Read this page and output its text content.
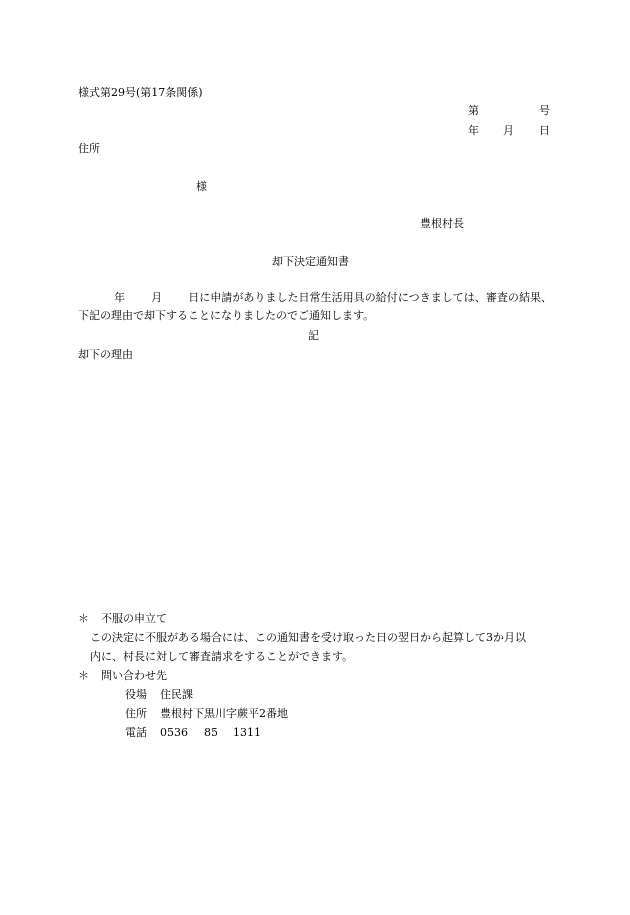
様式第29号(第17条関係)
第	号
年 月 日
住所
様
豊根村長
却下決定通知書
年 月 日に申請がありました日常生活用具の給付につきましては、審査の結果、下記の理由で却下することになりましたのでご通知します。
記
却下の理由
＊ 不服の申立て
この決定に不服がある場合には、この通知書を受け取った日の翌日から起算して3か月以
内に、村長に対して審査請求をすることができます。
＊ 問い合わせ先
役場 住民課
住所 豊根村下黒川字蕨平2番地
電話 0536 85 1311
